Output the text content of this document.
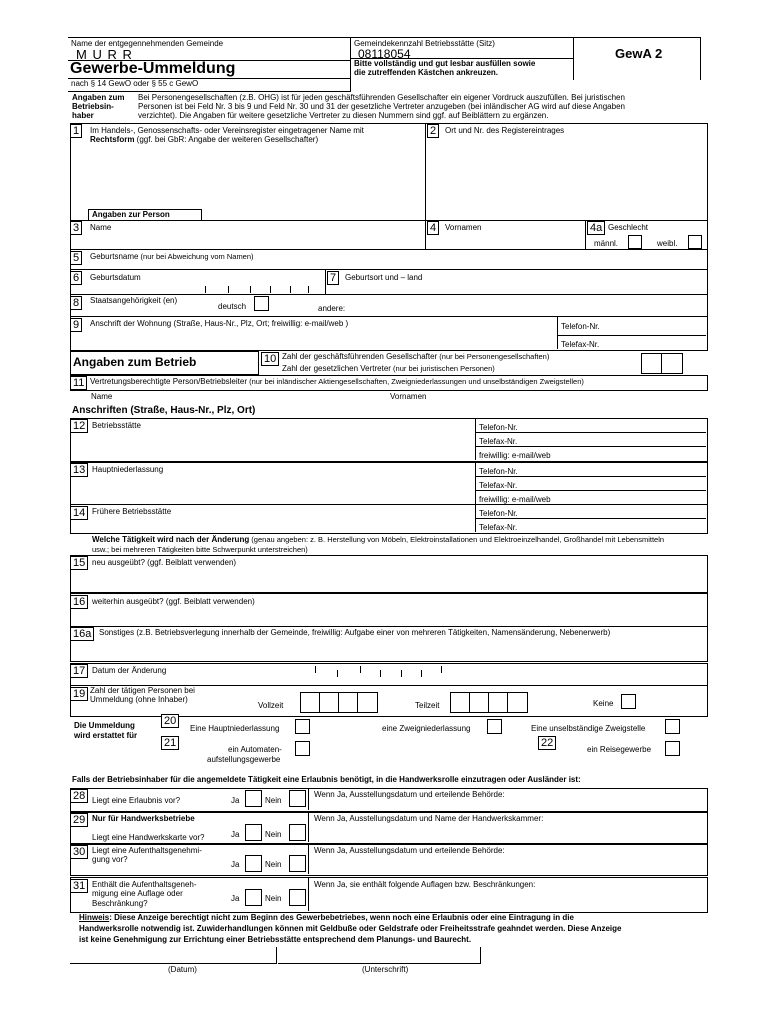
Name der entgegennehmenden Gemeinde
M U R R
Gewerbe-Ummeldung
nach § 14 GewO oder § 55 c GewO
Gemeindekennzahl Betriebsstätte (Sitz)
08118054
Bitte vollständig und gut lesbar ausfüllen sowie
die zutreffenden Kästchen ankreuzen.
GewA 2
Angaben zum
Betriebsin-
haber
Bei Personengesellschaften (z.B. OHG) ist für jeden geschäftsführenden Gesellschafter ein eigener Vordruck auszufüllen. Bei juristischen
Personen ist bei Feld Nr. 3 bis 9 und Feld Nr. 30 und 31 der gesetzliche Vertreter anzugeben (bei inländischer AG wird auf diese Angaben
verzichtet). Die Angaben für weitere gesetzliche Vertreter zu diesen Nummern sind ggf. auf Beiblättern zu ergänzen.
1	Im Handels-, Genossenschafts- oder Vereinsregister eingetragener Name mit
Rechtsform (ggf. bei GbR: Angabe der weiteren Gesellschafter)
2	Ort und Nr. des Registereintrages
Angaben zur Person
3	Name	4	Vornamen	4a Geschlecht
männl.	weibl.
5	Geburtsname (nur bei Abweichung vom Namen)
6	Geburtsdatum	7	Geburtsort und – land
8	Staatsangehörigkeit (en)
deutsch	andere:
9	Anschrift der Wohnung (Straße, Haus-Nr., Plz, Ort; freiwillig: e-mail/web )	Telefon-Nr.
Telefax-Nr.
Angaben zum Betrieb	10 Zahl der geschäftsführenden Gesellschafter (nur bei Personengesellschaften)
Zahl der gesetzlichen Vertreter (nur bei juristischen Personen)
11 Vertretungsberechtigte Person/Betriebsleiter (nur bei inländischer Aktiengesellschaften, Zweigniederlassungen und unselbständigen Zweigstellen)
Name	Vornamen
Anschriften (Straße, Haus-Nr., Plz, Ort)
12 Betriebsstätte	Telefon-Nr.
Telefax-Nr.
freiwillig: e-mail/web
13 Hauptniederlassung	Telefon-Nr.
Telefax-Nr.
freiwillig: e-mail/web
14 Frühere Betriebsstätte	Telefon-Nr.
Telefax-Nr.
Welche Tätigkeit wird nach der Änderung (genau angeben: z. B. Herstellung von Möbeln, Elektroinstallationen und Elektroeinzelhandel, Großhandel mit Lebensmitteln
usw.; bei mehreren Tätigkeiten bitte Schwerpunkt unterstreichen)
15 neu ausgeübt? (ggf. Beiblatt verwenden)
16 weiterhin ausgeübt? (ggf. Beiblatt verwenden)
16a Sonstiges (z.B. Betriebsverlegung innerhalb der Gemeinde, freiwillig: Aufgabe einer von mehreren Tätigkeiten, Namensänderung, Nebenerwerb)
17 Datum der Änderung
19 Zahl der tätigen Personen bei
Ummeldung (ohne Inhaber)
Vollzeit	Teilzeit	Keine
Die Ummeldung
wird erstattet für
20
Eine Hauptniederlassung
21
ein Automaten-
aufstellungsgewerbe
eine Zweigniederlassung	Eine unselbständige Zweigstelle
22
ein Reisegewerbe
Falls der Betriebsinhaber für die angemeldete Tätigkeit eine Erlaubnis benötigt, in die Handwerksrolle einzutragen oder Ausländer ist:
28 Liegt eine Erlaubnis vor?	Ja	Nein
Wenn Ja, Ausstellungsdatum und erteilende Behörde:
29 Nur für Handwerksbetriebe
Liegt eine Handwerkskarte vor?	Ja	Nein
Wenn Ja, Ausstellungsdatum und Name der Handwerkskammer:
30 Liegt eine Aufenthaltsgenehmi-
gung vor?
Ja	Nein
Wenn Ja, Ausstellungsdatum und erteilende Behörde:
31 Enthält die Aufenthaltsgeneh-
migung eine Auflage oder
Beschränkung?
Ja	Nein
Wenn Ja, sie enthält folgende Auflagen bzw. Beschränkungen:
Hinweis: Diese Anzeige berechtigt nicht zum Beginn des Gewerbebetriebes, wenn noch eine Erlaubnis oder eine Eintragung in die
Handwerksrolle notwendig ist. Zuwiderhandlungen können mit Geldbuße oder Geldstrafe oder Freiheitsstrafe geahndet werden. Diese Anzeige
ist keine Genehmigung zur Errichtung einer Betriebsstätte entsprechend dem Planungs- und Baurecht.
(Datum)	(Unterschrift)
